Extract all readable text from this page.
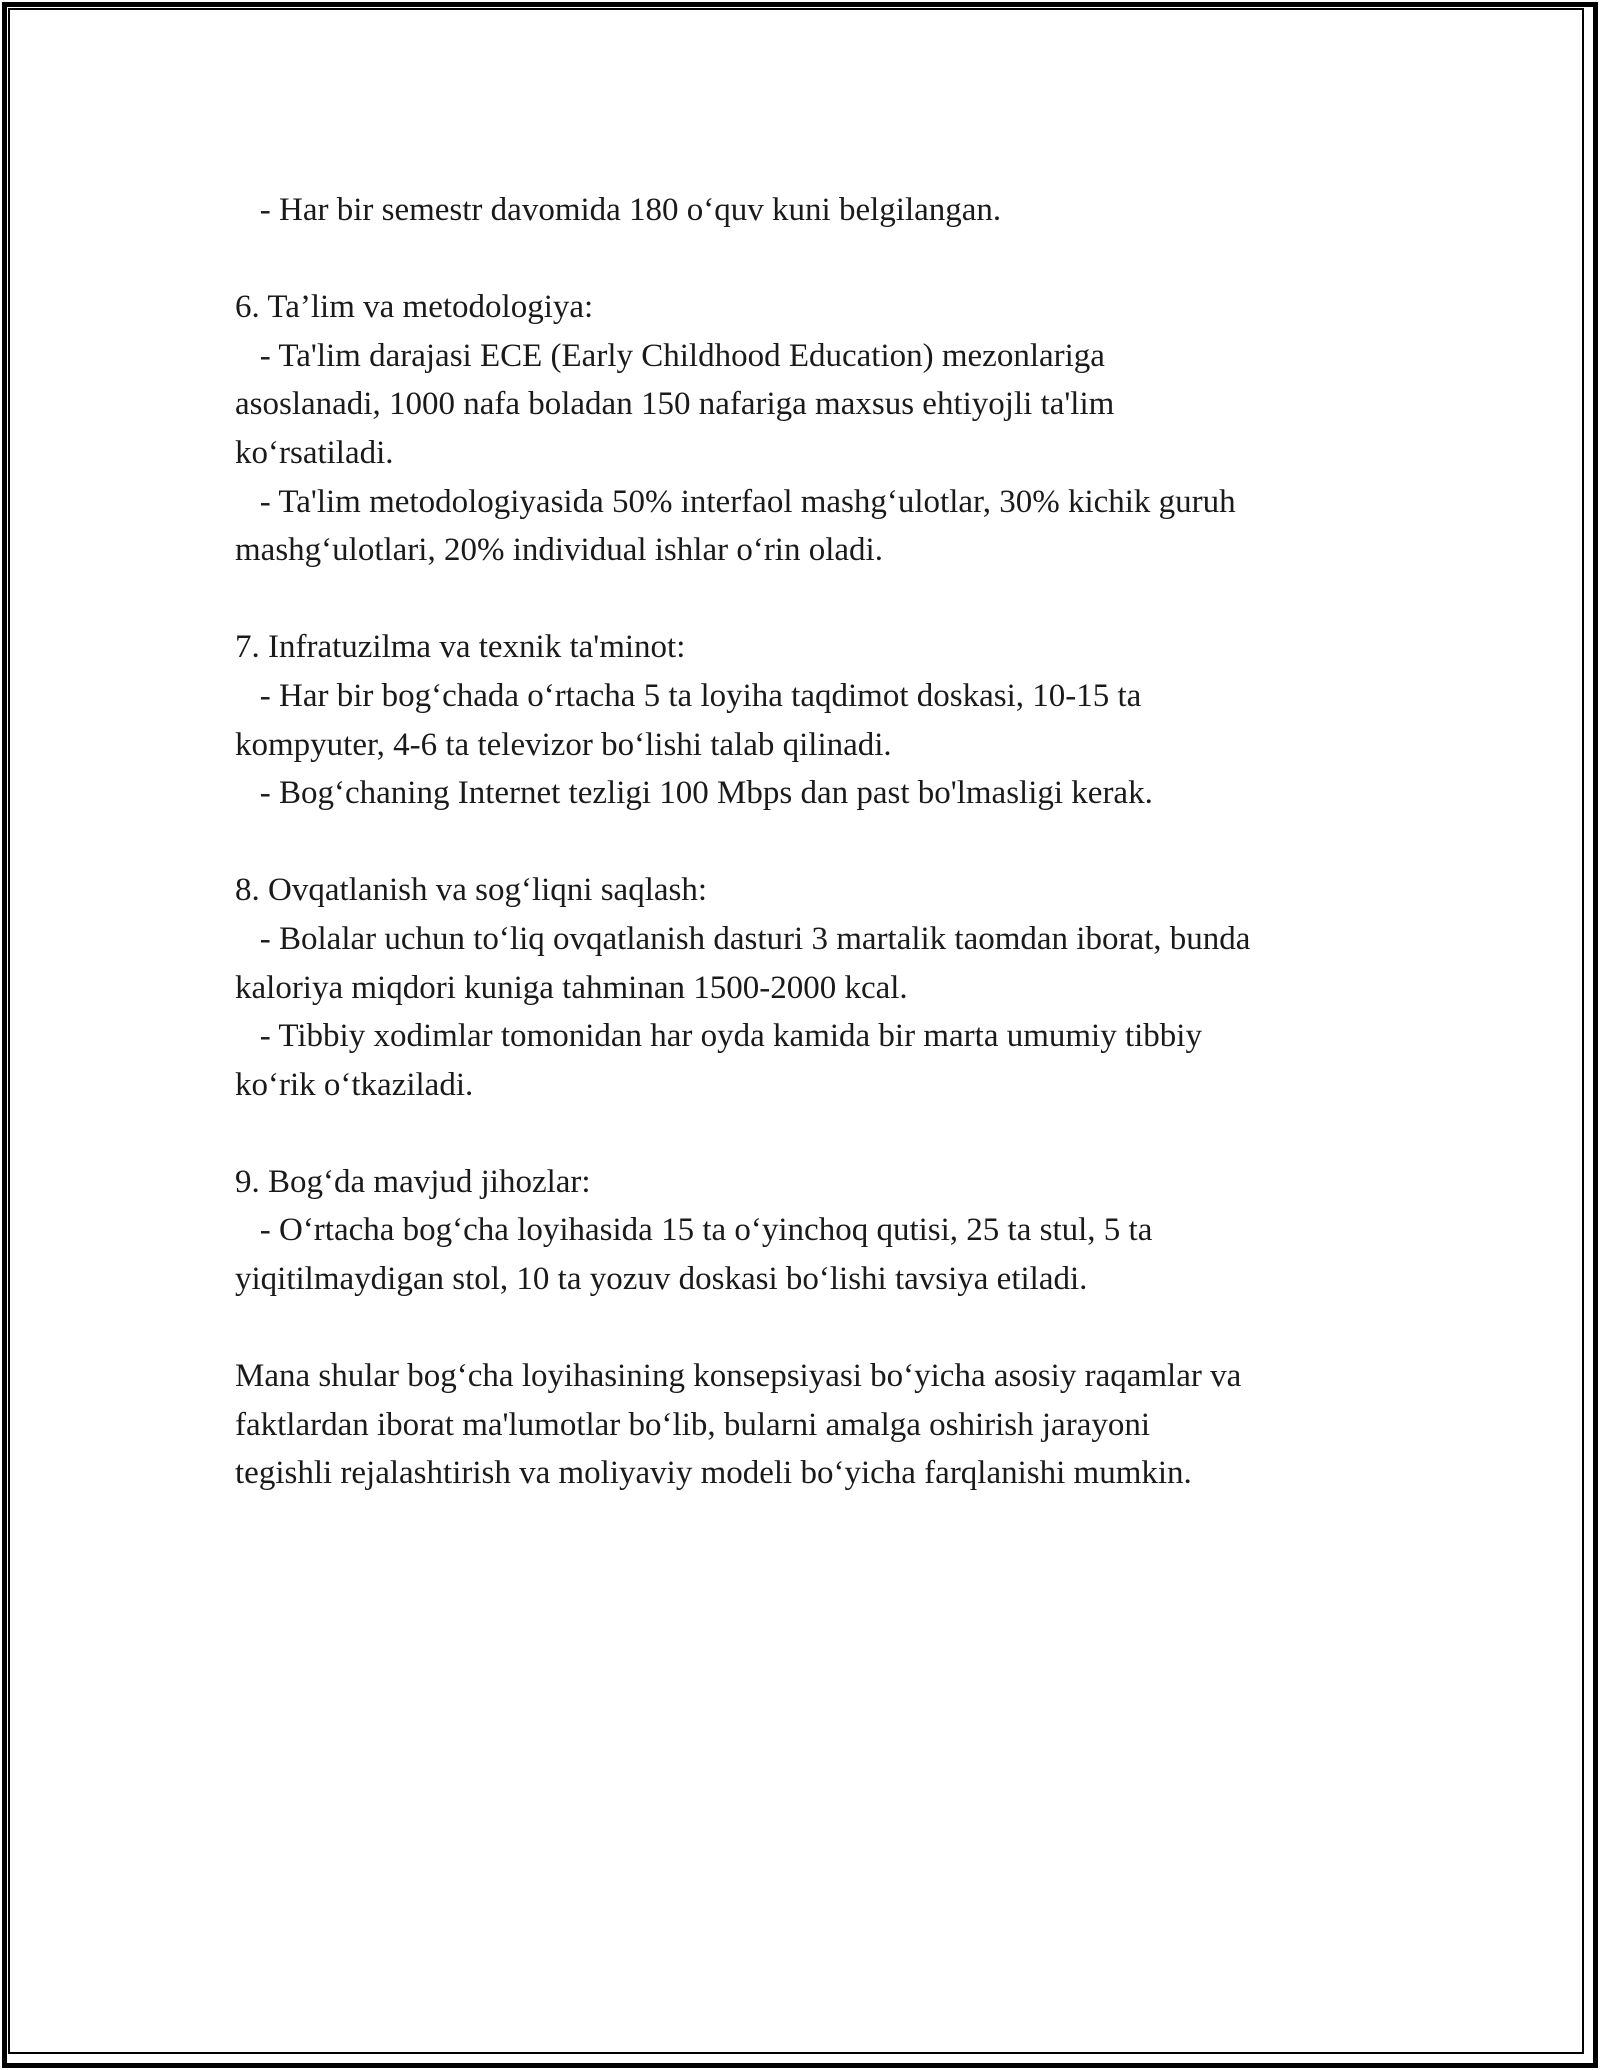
- Har bir semestr davomida 180 oʻquv kuni belgilangan.
6. Ta’lim va metodologiya:
- Ta'lim darajasi ECE (Early Childhood Education) mezonlariga
asoslanadi, 1000 nafa boladan 150 nafariga maxsus ehtiyojli ta'lim
koʻrsatiladi.
- Ta'lim metodologiyasida 50% interfaol mashgʻulotlar, 30% kichik guruh
mashgʻulotlari, 20% individual ishlar oʻrin oladi.
7. Infratuzilma va texnik ta'minot:
- Har bir bogʻchada oʻrtacha 5 ta loyiha taqdimot doskasi, 10-15 ta
kompyuter, 4-6 ta televizor boʻlishi talab qilinadi.
- Bogʻchaning Internet tezligi 100 Mbps dan past bo'lmasligi kerak.
8. Ovqatlanish va sogʻliqni saqlash:
- Bolalar uchun toʻliq ovqatlanish dasturi 3 martalik taomdan iborat, bunda
kaloriya miqdori kuniga tahminan 1500-2000 kcal.
- Tibbiy xodimlar tomonidan har oyda kamida bir marta umumiy tibbiy
koʻrik oʻtkaziladi.
9. Bogʻda mavjud jihozlar:
- Oʻrtacha bogʻcha loyihasida 15 ta oʻyinchoq qutisi, 25 ta stul, 5 ta
yiqitilmaydigan stol, 10 ta yozuv doskasi boʻlishi tavsiya etiladi.
Mana shular bogʻcha loyihasining konsepsiyasi boʻyicha asosiy raqamlar va
faktlardan iborat ma'lumotlar boʻlib, bularni amalga oshirish jarayoni
tegishli rejalashtirish va moliyaviy modeli boʻyicha farqlanishi mumkin.
